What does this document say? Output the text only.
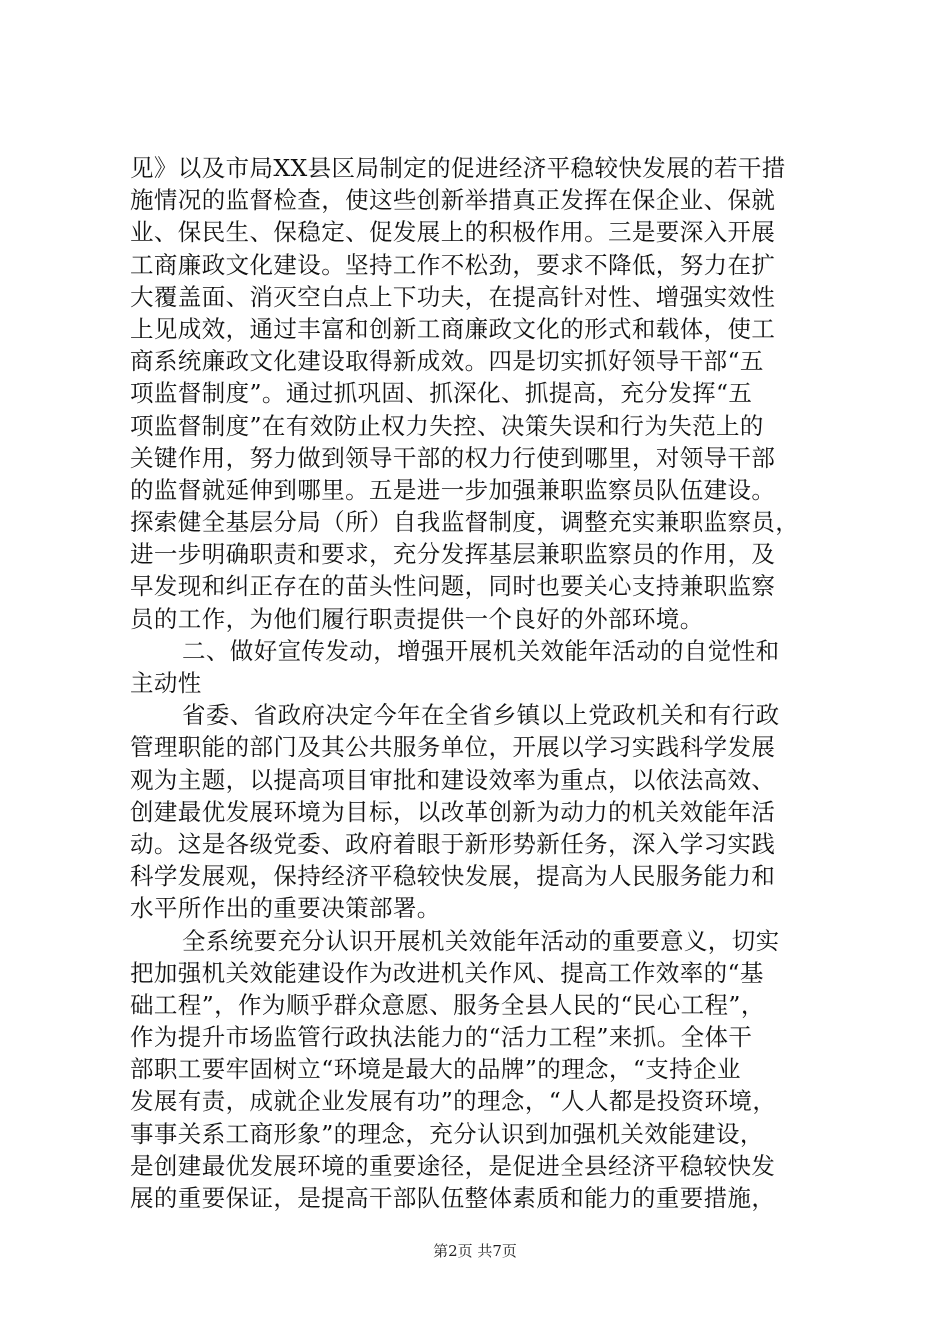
见》以及市局XX县区局制定的促进经济平稳较快发展的若干措
施情况的监督检查，使这些创新举措真正发挥在保企业、保就
业、保民生、保稳定、促发展上的积极作用。三是要深入开展
工商廉政文化建设。坚持工作不松劲，要求不降低，努力在扩
大覆盖面、消灭空白点上下功夫，在提高针对性、增强实效性
上见成效，通过丰富和创新工商廉政文化的形式和载体，使工
商系统廉政文化建设取得新成效。四是切实抓好领导干部“五
项监督制度”。通过抓巩固、抓深化、抓提高，充分发挥“五
项监督制度”在有效防止权力失控、决策失误和行为失范上的
关键作用，努力做到领导干部的权力行使到哪里，对领导干部
的监督就延伸到哪里。五是进一步加强兼职监察员队伍建设。
探索健全基层分局（所）自我监督制度，调整充实兼职监察员，
进一步明确职责和要求，充分发挥基层兼职监察员的作用，及
早发现和纠正存在的苗头性问题，同时也要关心支持兼职监察
员的工作，为他们履行职责提供一个良好的外部环境。
二、做好宣传发动，增强开展机关效能年活动的自觉性和
主动性
省委、省政府决定今年在全省乡镇以上党政机关和有行政
管理职能的部门及其公共服务单位，开展以学习实践科学发展
观为主题，以提高项目审批和建设效率为重点，以依法高效、
创建最优发展环境为目标，以改革创新为动力的机关效能年活
动。这是各级党委、政府着眼于新形势新任务，深入学习实践
科学发展观，保持经济平稳较快发展，提高为人民服务能力和
水平所作出的重要决策部署。
全系统要充分认识开展机关效能年活动的重要意义，切实
把加强机关效能建设作为改进机关作风、提高工作效率的“基
础工程”，作为顺乎群众意愿、服务全县人民的“民心工程”，
作为提升市场监管行政执法能力的“活力工程”来抓。全体干
部职工要牢固树立“环境是最大的品牌”的理念，“支持企业
发展有责，成就企业发展有功”的理念，“人人都是投资环境，
事事关系工商形象”的理念，充分认识到加强机关效能建设，
是创建最优发展环境的重要途径，是促进全县经济平稳较快发
展的重要保证，是提高干部队伍整体素质和能力的重要措施，
第2页 共7页
